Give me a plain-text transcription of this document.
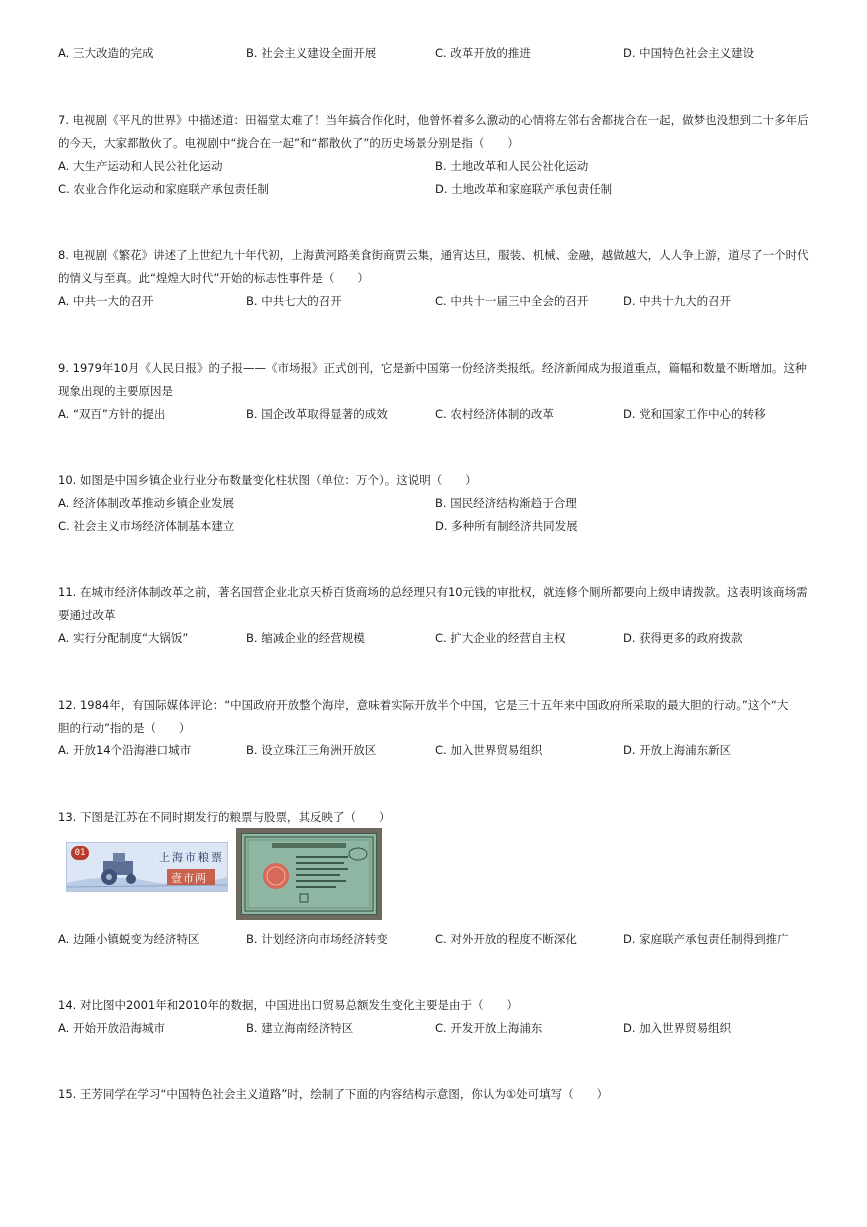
A. 三大改造的完成	B. 社会主义建设全面开展	C. 改革开放的推进	D. 中国特色社会主义建设
7. 电视剧《平凡的世界》中描述道：田福堂太难了！当年搞合作化时，他曾怀着多么激动的心情将左邻右舍都拢合在一起，做梦也没想到二十多年后
的今天，大家都散伙了。电视剧中“拢合在一起”和“都散伙了”的历史场景分别是指（　　）
A. 大生产运动和人民公社化运动	B. 土地改革和人民公社化运动
C. 农业合作化运动和家庭联产承包责任制	D. 土地改革和家庭联产承包责任制
8. 电视剧《繁花》讲述了上世纪九十年代初，上海黄河路美食街商贾云集，通宵达旦，服装、机械、金融，越做越大，人人争上游，道尽了一个时代
的情义与至真。此“煌煌大时代”开始的标志性事件是（　　）
A. 中共一大的召开	B. 中共七大的召开	C. 中共十一届三中全会的召开	D. 中共十九大的召开
9. 1979年10月《人民日报》的子报——《市场报》正式创刊，它是新中国第一份经济类报纸。经济新闻成为报道重点，篇幅和数量不断增加。这种
现象出现的主要原因是
A. “双百”方针的提出	B. 国企改革取得显著的成效	C. 农村经济体制的改革	D. 党和国家工作中心的转移
10. 如图是中国乡镇企业行业分布数量变化柱状图（单位：万个）。这说明（　　）
A. 经济体制改革推动乡镇企业发展	B. 国民经济结构渐趋于合理
C. 社会主义市场经济体制基本建立	D. 多种所有制经济共同发展
11. 在城市经济体制改革之前，著名国营企业北京天桥百货商场的总经理只有10元钱的审批权，就连修个厕所都要向上级申请拨款。这表明该商场需
要通过改革
A. 实行分配制度“大锅饭”	B. 缩减企业的经营规模	C. 扩大企业的经营自主权	D. 获得更多的政府拨款
12. 1984年，有国际媒体评论：“中国政府开放整个海岸，意味着实际开放半个中国，它是三十五年来中国政府所采取的最大胆的行动。”这个“大
胆的行动”指的是（　　）
A. 开放14个沿海港口城市	B. 设立珠江三角洲开放区	C. 加入世界贸易组织	D. 开放上海浦东新区
13. 下图是江苏在不同时期发行的粮票与股票，其反映了（　　）
01	上海市粮票
壹市两
A. 边陲小镇蜕变为经济特区	B. 计划经济向市场经济转变	C. 对外开放的程度不断深化	D. 家庭联产承包责任制得到推广
14. 对比图中2001年和2010年的数据，中国进出口贸易总额发生变化主要是由于（　　）
A. 开始开放沿海城市	B. 建立海南经济特区	C. 开发开放上海浦东	D. 加入世界贸易组织
15. 王芳同学在学习“中国特色社会主义道路”时，绘制了下面的内容结构示意图，你认为①处可填写（　　）
